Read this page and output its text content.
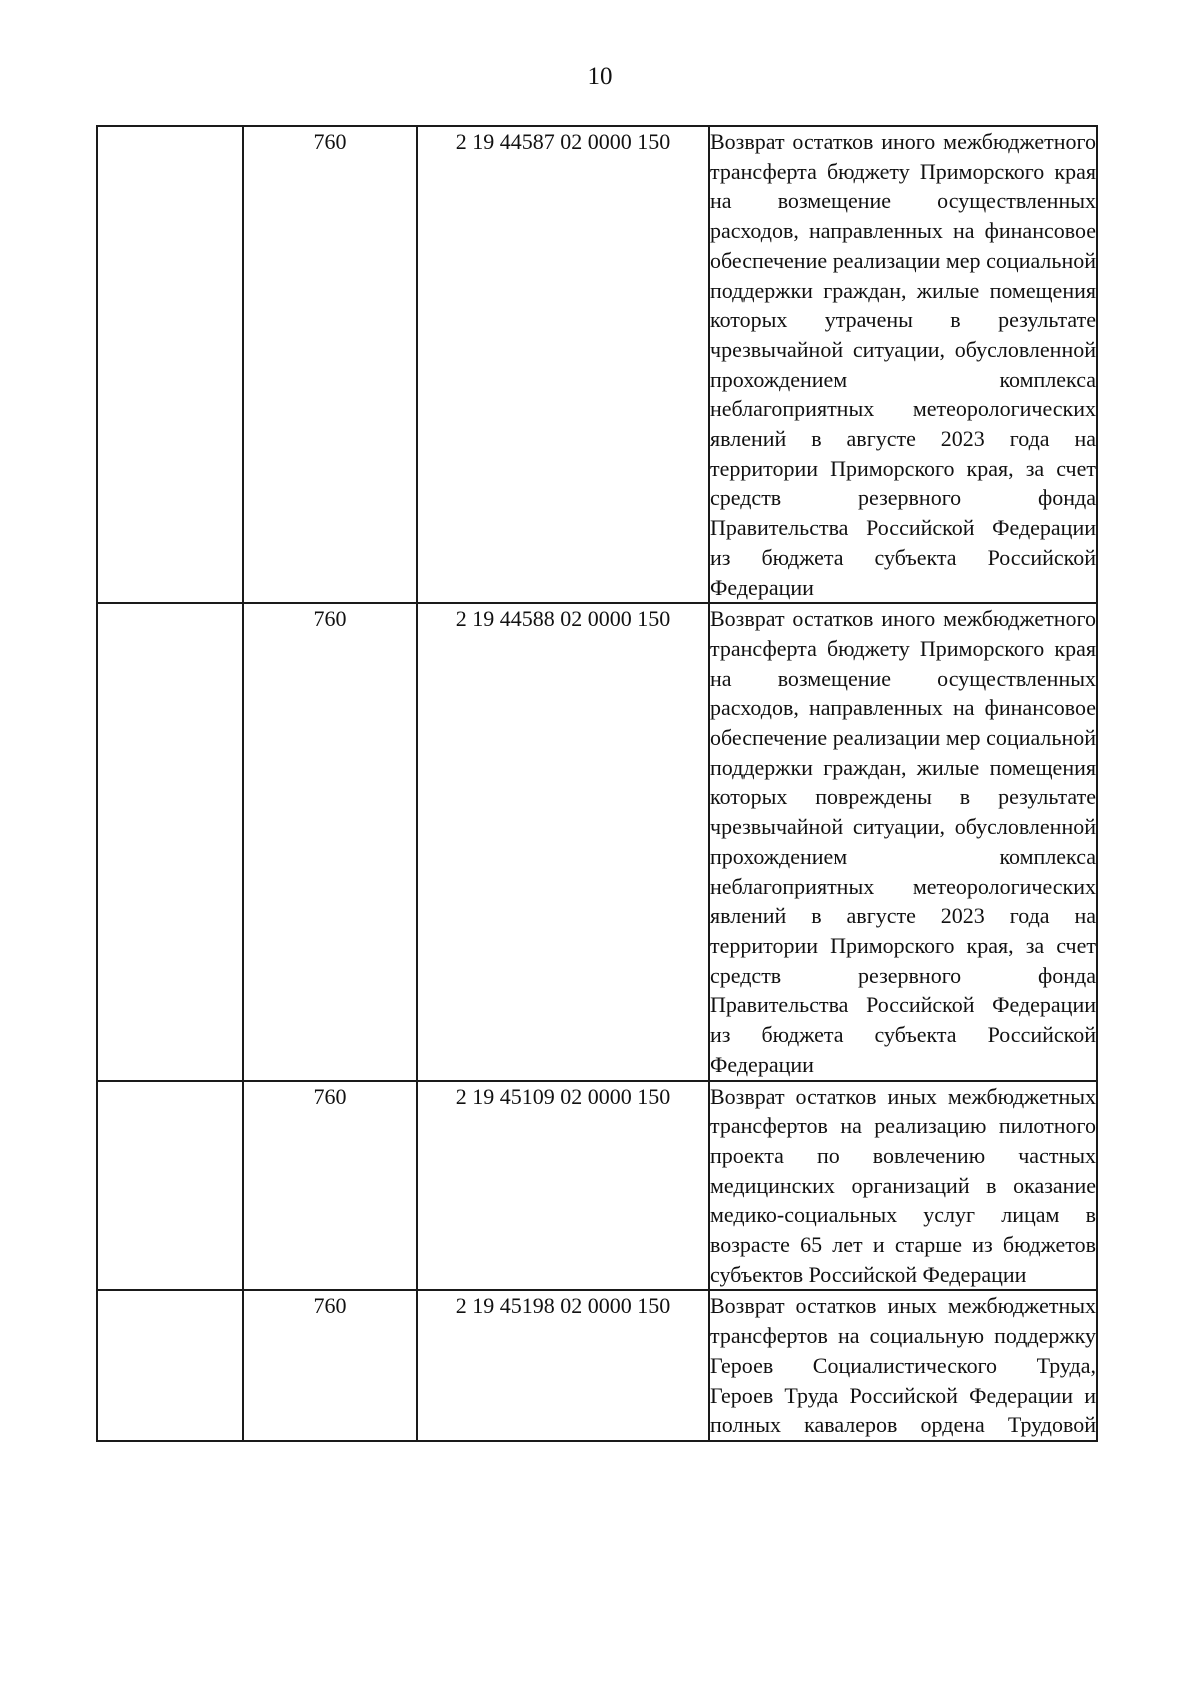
10
	760	2 19 44587 02 0000 150	Возврат остатков иного межбюджетного трансферта бюджету Приморского края на возмещение осуществленных расходов, направленных на финансовое обеспечение реализации мер социальной поддержки граждан, жилые помещения которых утрачены в результате чрезвычайной ситуации, обусловленной прохождением комплекса неблагоприятных метеорологических явлений в августе 2023 года на территории Приморского края, за счет средств резервного фонда Правительства Российской Федерации из бюджета субъекта Российской Федерации
	760	2 19 44588 02 0000 150	Возврат остатков иного межбюджетного трансферта бюджету Приморского края на возмещение осуществленных расходов, направленных на финансовое обеспечение реализации мер социальной поддержки граждан, жилые помещения которых повреждены в результате чрезвычайной ситуации, обусловленной прохождением комплекса неблагоприятных метеорологических явлений в августе 2023 года на территории Приморского края, за счет средств резервного фонда Правительства Российской Федерации из бюджета субъекта Российской Федерации
	760	2 19 45109 02 0000 150	Возврат остатков иных межбюджетных трансфертов на реализацию пилотного проекта по вовлечению частных медицинских организаций в оказание медико-социальных услуг лицам в возрасте 65 лет и старше из бюджетов субъектов Российской Федерации
	760	2 19 45198 02 0000 150	Возврат остатков иных межбюджетных трансфертов на социальную поддержку Героев Социалистического Труда, Героев Труда Российской Федерации и полных кавалеров ордена Трудовой
